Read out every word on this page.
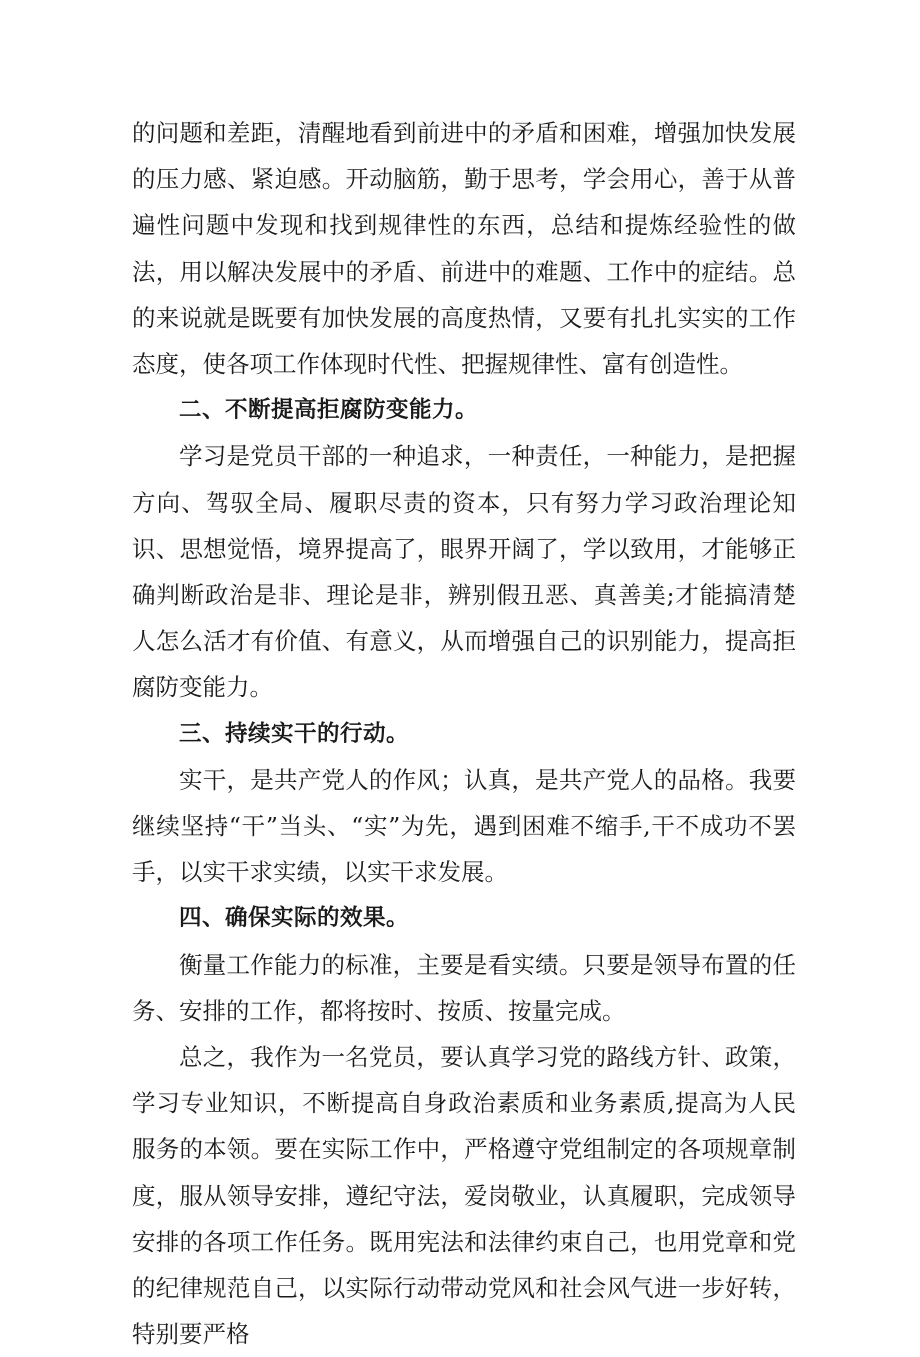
的问题和差距，清醒地看到前进中的矛盾和困难，增强加快发展的压力感、紧迫感。开动脑筋，勤于思考，学会用心，善于从普遍性问题中发现和找到规律性的东西，总结和提炼经验性的做法，用以解决发展中的矛盾、前进中的难题、工作中的症结。总的来说就是既要有加快发展的高度热情，又要有扎扎实实的工作态度，使各项工作体现时代性、把握规律性、富有创造性。

二、不断提高拒腐防变能力。

学习是党员干部的一种追求，一种责任，一种能力，是把握方向、驾驭全局、履职尽责的资本，只有努力学习政治理论知识、思想觉悟，境界提高了，眼界开阔了，学以致用，才能够正确判断政治是非、理论是非，辨别假丑恶、真善美;才能搞清楚人怎么活才有价值、有意义，从而增强自己的识别能力，提高拒腐防变能力。

三、持续实干的行动。

实干，是共产党人的作风；认真，是共产党人的品格。我要继续坚持“干”当头、“实”为先，遇到困难不缩手,干不成功不罢手，以实干求实绩，以实干求发展。

四、确保实际的效果。

衡量工作能力的标准，主要是看实绩。只要是领导布置的任务、安排的工作，都将按时、按质、按量完成。

总之，我作为一名党员，要认真学习党的路线方针、政策，学习专业知识，不断提高自身政治素质和业务素质,提高为人民服务的本领。要在实际工作中，严格遵守党组制定的各项规章制度，服从领导安排，遵纪守法，爱岗敬业，认真履职，完成领导安排的各项工作任务。既用宪法和法律约束自己，也用党章和党的纪律规范自己，以实际行动带动党风和社会风气进一步好转，特别要严格
